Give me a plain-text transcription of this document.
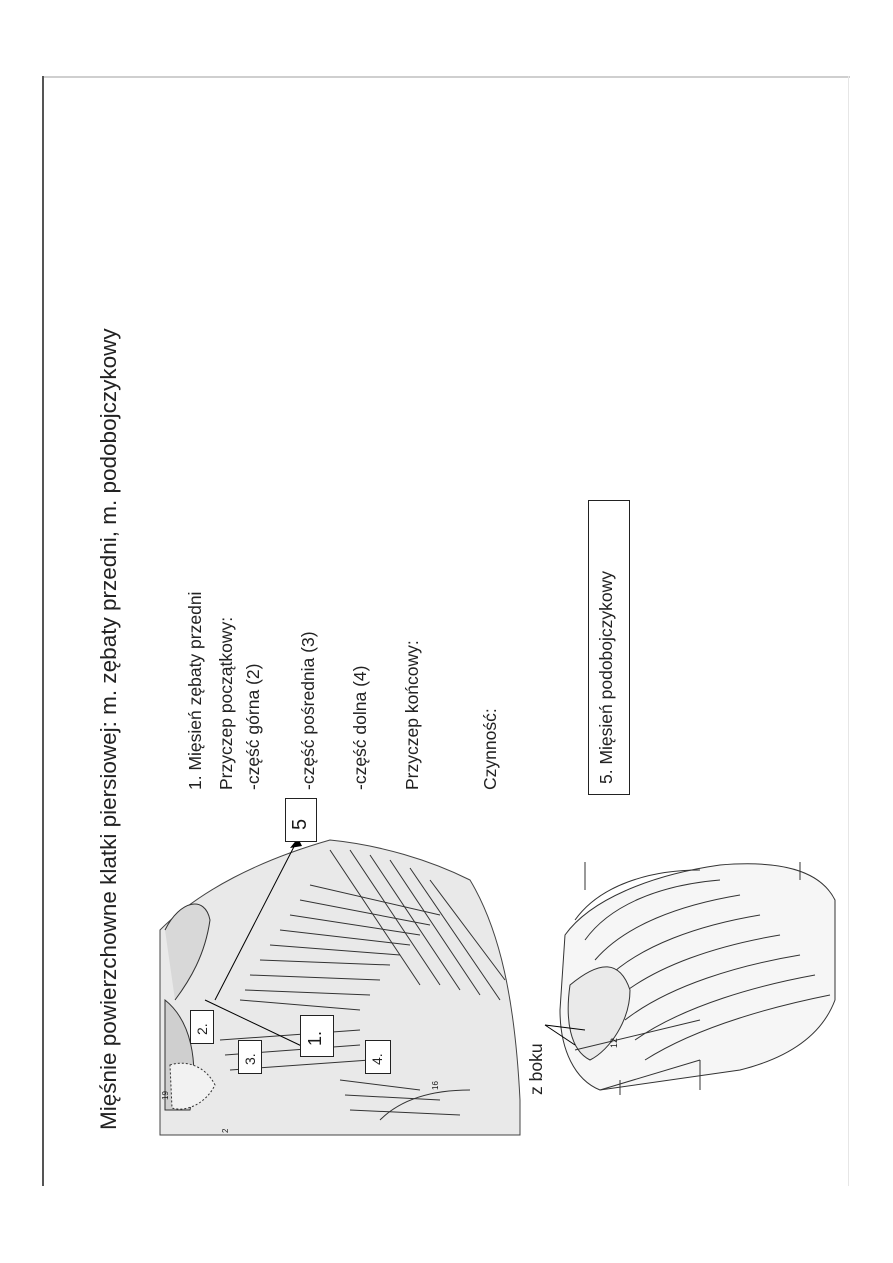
Mięśnie powierzchowne klatki piersiowej: m. zębaty przedni, m. podobojczykowy	1. Mięsień zębaty przedni Przyczep początkowy: -część górna (2) -część pośrednia (3) -część dolna (4) Przyczep końcowy:	Czynność:	5. Mięsień podobojczykowy
5
2.
3.
1.
4.
19
2
16	z boku
12
